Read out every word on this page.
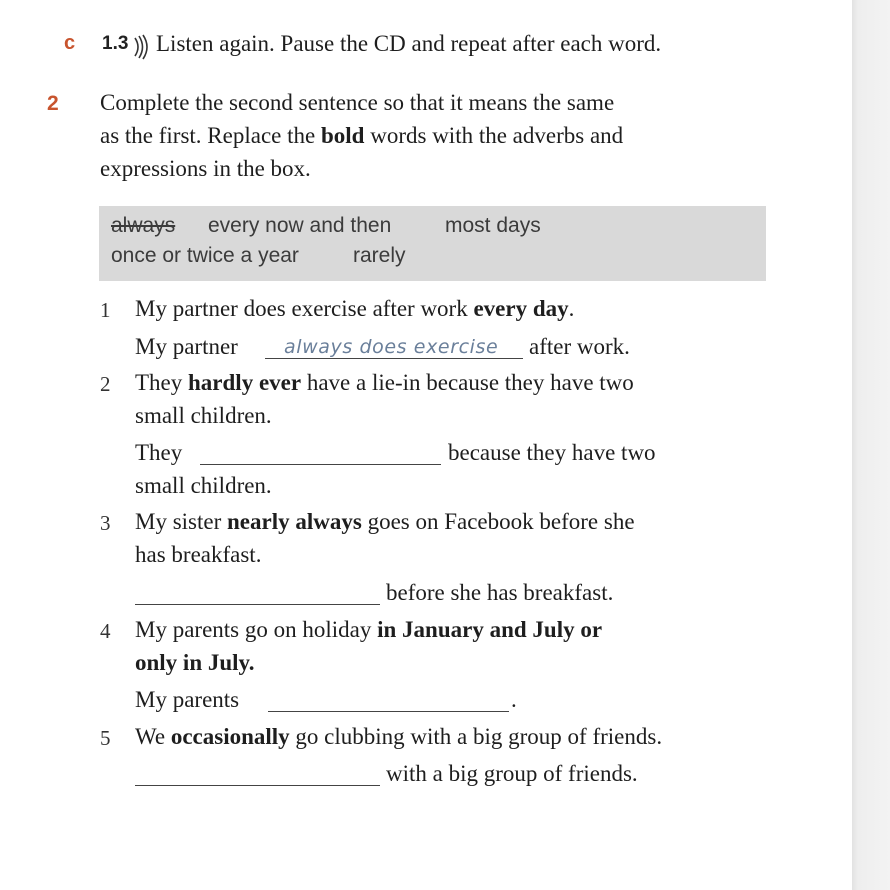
c 1.3 Listen again. Pause the CD and repeat after each word.
2 Complete the second sentence so that it means the same
as the first. Replace the bold words with the adverbs and
expressions in the box.
always every now and then	most days
once or twice a year	rarely
1 My partner does exercise after work every day.
My partner always does exercise after work.
2 They hardly ever have a lie-in because they have two
small children.
They	because they have two
small children.
3 My sister nearly always goes on Facebook before she
has breakfast.
before she has breakfast.
4 My parents go on holiday in January and July or
only in July.
My parents	.
5 We occasionally go clubbing with a big group of friends.
with a big group of friends.
